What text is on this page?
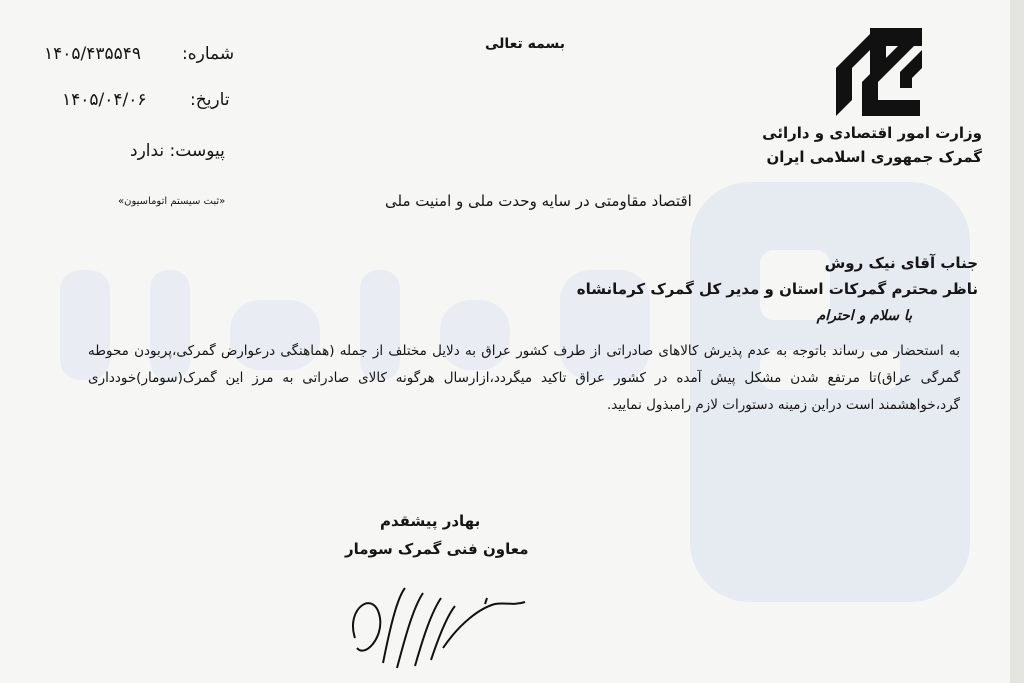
بسمه تعالی
وزارت امور اقتصادی و دارائی
گمرک جمهوری اسلامی ایران
شماره:
۱۴۰۵/۴۳۵۵۴۹
تاریخ:
۱۴۰۵/۰۴/۰۶
پیوست: ندارد
«ثبت سیستم اتوماسیون»	اقتصاد مقاومتی در سایه وحدت ملی و امنیت ملی
جناب آقای نیک روش
ناظر محترم گمرکات استان و مدیر کل گمرک کرمانشاه
با سلام و احترام
به استحضار می رساند باتوجه به عدم پذیرش کالاهای صادراتی از طرف کشور عراق به دلایل مختلف از جمله (هماهنگی درعوارض گمرکی،پربودن محوطه گمرگی عراق)تا مرتفع شدن مشکل پیش آمده در کشور عراق تاکید میگردد،ازارسال هرگونه کالای صادراتی به مرز این گمرک(سومار)خودداری گرد،خواهشمند است دراین زمینه دستورات لازم رامبذول نمایید.
بهادر پیشقدم
معاون فنی گمرک سومار
